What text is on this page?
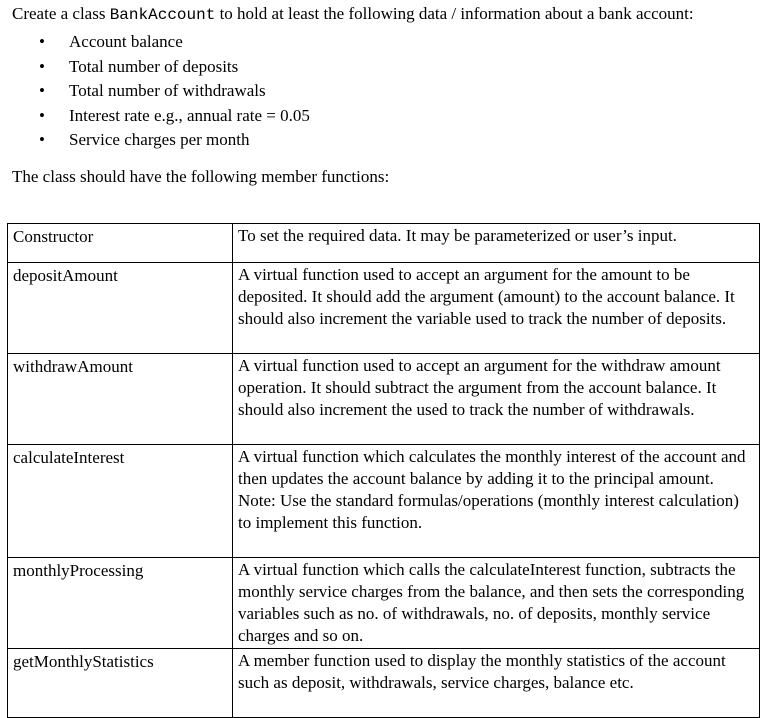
Create a class BankAccount to hold at least the following data / information about a bank account:

• Account balance
• Total number of deposits
• Total number of withdrawals
• Interest rate e.g., annual rate = 0.05
• Service charges per month

The class should have the following member functions:

Constructor	To set the required data. It may be parameterized or user’s input.
depositAmount	A virtual function used to accept an argument for the amount to be deposited. It should add the argument (amount) to the account balance. It should also increment the variable used to track the number of deposits.
withdrawAmount	A virtual function used to accept an argument for the withdraw amount operation. It should subtract the argument from the account balance. It should also increment the used to track the number of withdrawals.
calculateInterest	A virtual function which calculates the monthly interest of the account and then updates the account balance by adding it to the principal amount.
Note: Use the standard formulas/operations (monthly interest calculation) to implement this function.

monthlyProcessing	A virtual function which calls the calculateInterest function, subtracts the monthly service charges from the balance, and then sets the corresponding variables such as no. of withdrawals, no. of deposits, monthly service charges and so on.
getMonthlyStatistics	A member function used to display the monthly statistics of the account such as deposit, withdrawals, service charges, balance etc.
